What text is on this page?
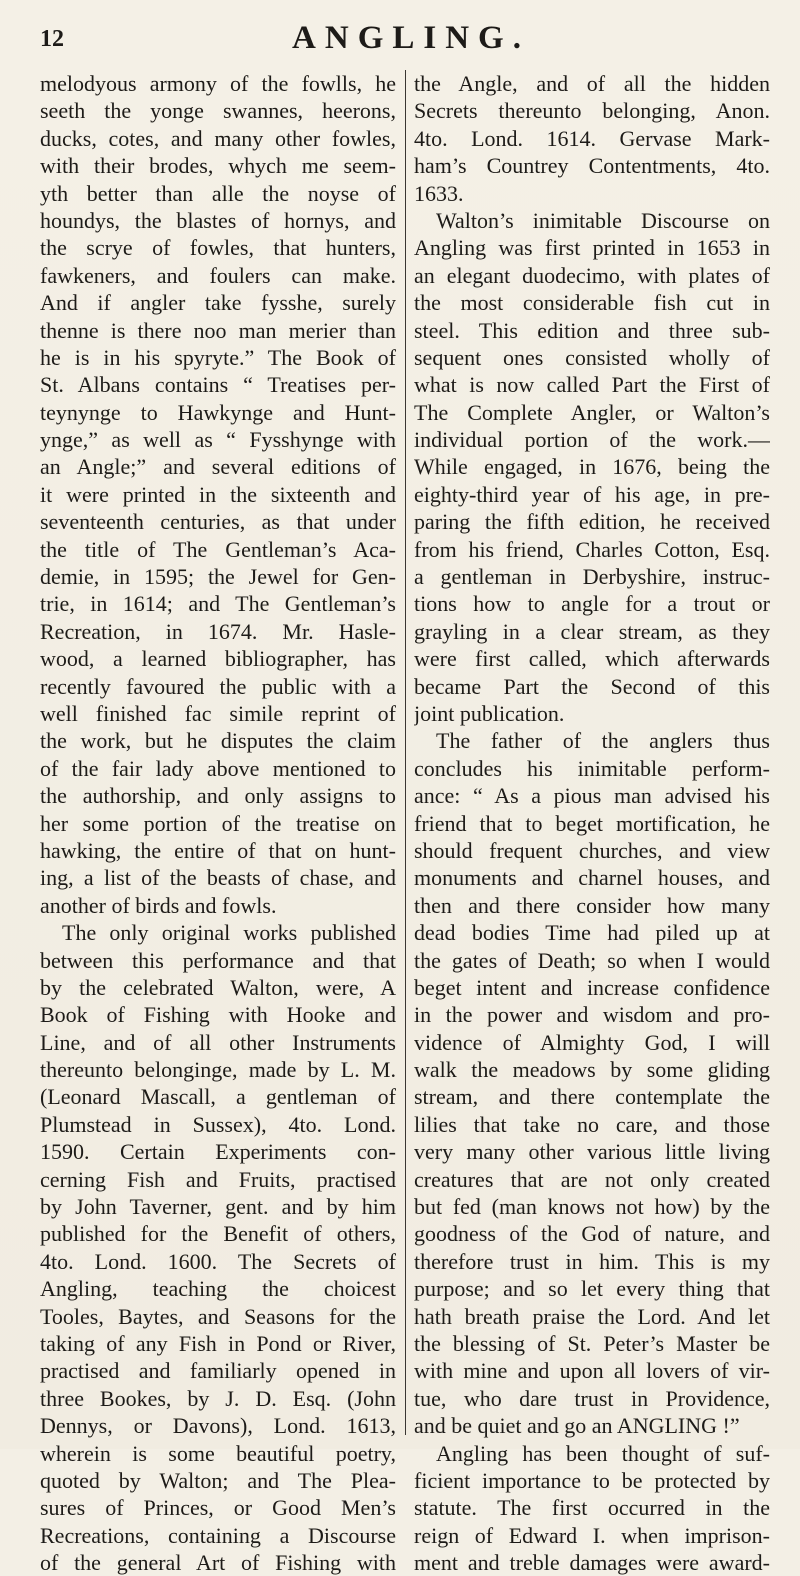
12	ANGLING.
melodyous armony of the fowlls, he
seeth the yonge swannes, heerons,
ducks, cotes, and many other fowles,
with their brodes, whych me seem-
yth better than alle the noyse of
houndys, the blastes of hornys, and
the scrye of fowles, that hunters,
fawkeners, and foulers can make.
And if angler take fysshe, surely
thenne is there noo man merier than
he is in his spyryte.” The Book of
St. Albans contains “ Treatises per-
teynynge to Hawkynge and Hunt-
ynge,” as well as “ Fysshynge with
an Angle;” and several editions of
it were printed in the sixteenth and
seventeenth centuries, as that under
the title of The Gentleman’s Aca-
demie, in 1595; the Jewel for Gen-
trie, in 1614; and The Gentleman’s
Recreation, in 1674. Mr. Hasle-
wood, a learned bibliographer, has
recently favoured the public with a
well finished fac simile reprint of
the work, but he disputes the claim
of the fair lady above mentioned to
the authorship, and only assigns to
her some portion of the treatise on
hawking, the entire of that on hunt-
ing, a list of the beasts of chase, and
another of birds and fowls.
The only original works published
between this performance and that
by the celebrated Walton, were, A
Book of Fishing with Hooke and
Line, and of all other Instruments
thereunto belonginge, made by L. M.
(Leonard Mascall, a gentleman of
Plumstead in Sussex), 4to. Lond.
1590. Certain Experiments con-
cerning Fish and Fruits, practised
by John Taverner, gent. and by him
published for the Benefit of others,
4to. Lond. 1600. The Secrets of
Angling, teaching the choicest
Tooles, Baytes, and Seasons for the
taking of any Fish in Pond or River,
practised and familiarly opened in
three Bookes, by J. D. Esq. (John
Dennys, or Davons), Lond. 1613,
wherein is some beautiful poetry,
quoted by Walton; and The Plea-
sures of Princes, or Good Men’s
Recreations, containing a Discourse
of the general Art of Fishing with
the Angle, and of all the hidden
Secrets thereunto belonging, Anon.
4to. Lond. 1614. Gervase Mark-
ham’s Countrey Contentments, 4to.
1633.
Walton’s inimitable Discourse on
Angling was first printed in 1653 in
an elegant duodecimo, with plates of
the most considerable fish cut in
steel. This edition and three sub-
sequent ones consisted wholly of
what is now called Part the First of
The Complete Angler, or Walton’s
individual portion of the work.—
While engaged, in 1676, being the
eighty-third year of his age, in pre-
paring the fifth edition, he received
from his friend, Charles Cotton, Esq.
a gentleman in Derbyshire, instruc-
tions how to angle for a trout or
grayling in a clear stream, as they
were first called, which afterwards
became Part the Second of this
joint publication.
The father of the anglers thus
concludes his inimitable perform-
ance: “ As a pious man advised his
friend that to beget mortification, he
should frequent churches, and view
monuments and charnel houses, and
then and there consider how many
dead bodies Time had piled up at
the gates of Death; so when I would
beget intent and increase confidence
in the power and wisdom and pro-
vidence of Almighty God, I will
walk the meadows by some gliding
stream, and there contemplate the
lilies that take no care, and those
very many other various little living
creatures that are not only created
but fed (man knows not how) by the
goodness of the God of nature, and
therefore trust in him. This is my
purpose; and so let every thing that
hath breath praise the Lord. And let
the blessing of St. Peter’s Master be
with mine and upon all lovers of vir-
tue, who dare trust in Providence,
and be quiet and go an ANGLING !”
Angling has been thought of suf-
ficient importance to be protected by
statute. The first occurred in the
reign of Edward I. when imprison-
ment and treble damages were award-
